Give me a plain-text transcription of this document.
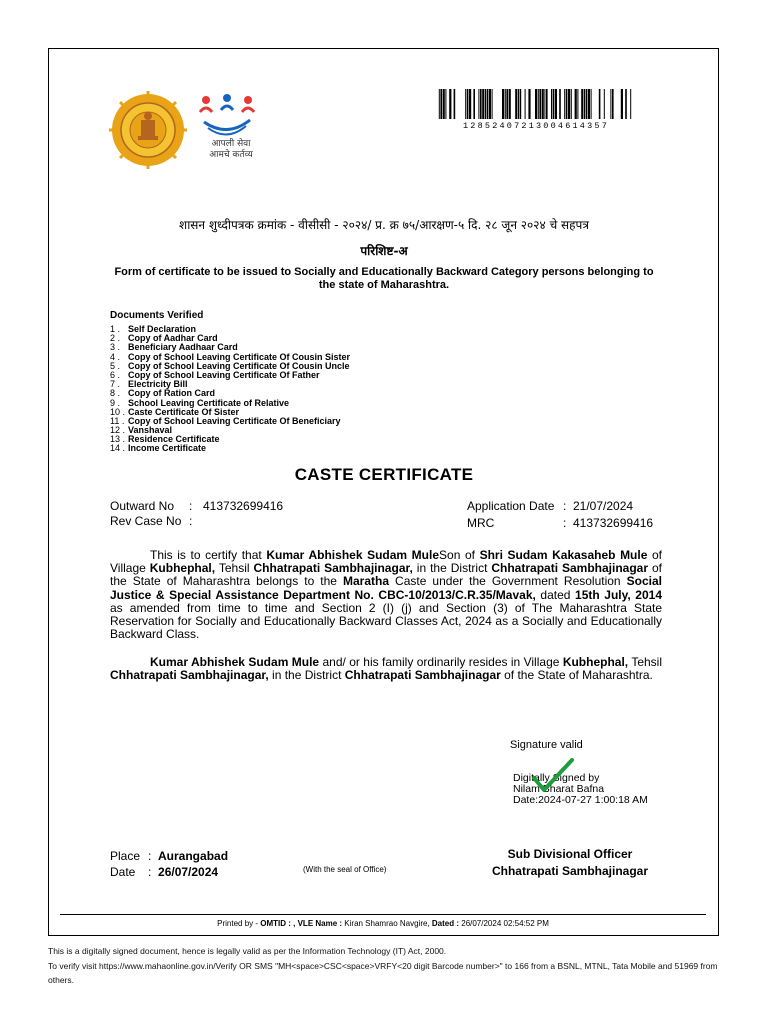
आपली सेवा
आमचे कर्तव्य
12852407213004614357
शासन शुध्दीपत्रक क्रमांक - वीसीसी - २०२४/ प्र. क्र ७५/आरक्षण-५ दि. २८ जून २०२४ चे सहपत्र
परिशिष्ट-अ
Form of certificate to be issued to Socially and Educationally Backward Category persons belonging to the state of Maharashtra.
Documents Verified
1 . Self Declaration
2 . Copy of Aadhar Card
3 . Beneficiary Aadhaar Card
4 . Copy of School Leaving Certificate Of Cousin Sister
5 . Copy of School Leaving Certificate Of Cousin Uncle
6 . Copy of School Leaving Certificate Of Father
7 . Electricity Bill
8 . Copy of Ration Card
9 . School Leaving Certificate of Relative
10 . Caste Certificate Of Sister
11 . Copy of School Leaving Certificate Of Beneficiary
12 . Vanshaval
13 . Residence Certificate
14 . Income Certificate
CASTE CERTIFICATE
Outward No : 413732699416
Rev Case No :
Application Date : 21/07/2024
MRC	: 413732699416
This is to certify that Kumar Abhishek Sudam MuleSon of Shri Sudam Kakasaheb Mule of Village Kubhephal, Tehsil Chhatrapati Sambhajinagar, in the District Chhatrapati Sambhajinagar of the State of Maharashtra belongs to the Maratha Caste under the Government Resolution Social Justice & Special Assistance Department No. CBC-10/2013/C.R.35/Mavak, dated 15th July, 2014 as amended from time to time and Section 2 (I) (j) and Section (3) of The Maharashtra State Reservation for Socially and Educationally Backward Classes Act, 2024 as a Socially and Educationally Backward Class.
Kumar Abhishek Sudam Mule and/ or his family ordinarily resides in Village Kubhephal, Tehsil Chhatrapati Sambhajinagar, in the District Chhatrapati Sambhajinagar of the State of Maharashtra.
Signature valid
Digitally Signed by
Nilam Bharat Bafna
Date:2024-07-27 1:00:18 AM
Place : Aurangabad
Date : 26/07/2024	(With the seal of Office)
Sub Divisional Officer
Chhatrapati Sambhajinagar
Printed by - OMTID : , VLE Name : Kiran Shamrao Navgire, Dated : 26/07/2024 02:54:52 PM
This is a digitally signed document, hence is legally valid as per the Information Technology (IT) Act, 2000.
To verify visit https://www.mahaonline.gov.in/Verify OR SMS "MH<space>CSC<space>VRFY<20 digit Barcode number>" to 166 from a BSNL, MTNL, Tata Mobile and 51969 from others.
